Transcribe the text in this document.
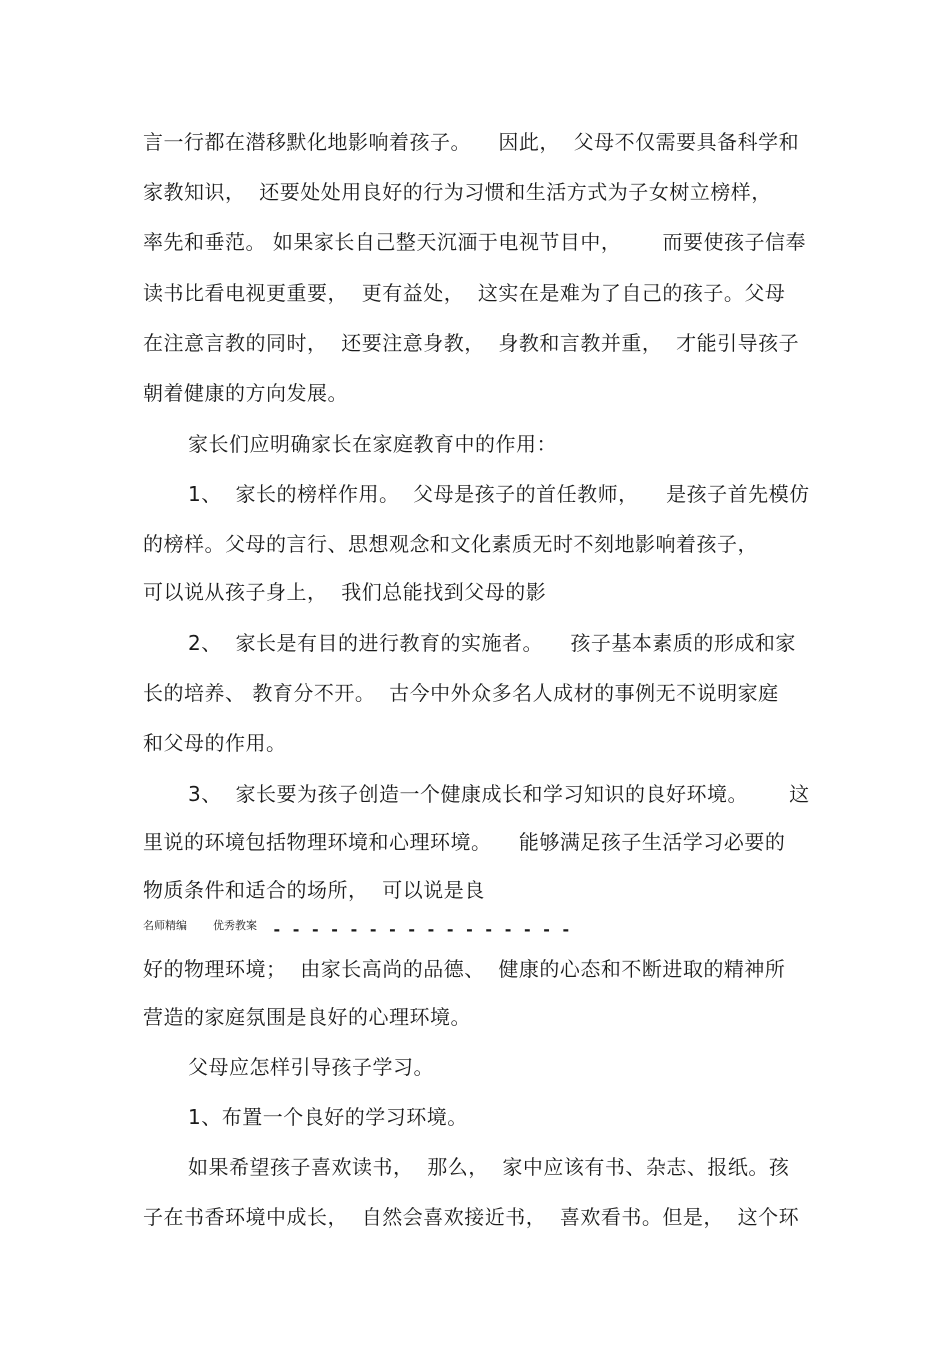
言一行都在潜移默化地影响着孩子。    因此，  父母不仅需要具备科学和
家教知识，  还要处处用良好的行为习惯和生活方式为子女树立榜样，
率先和垂范。 如果家长自己整天沉湎于电视节目中，      而要使孩子信奉
读书比看电视更重要，  更有益处，  这实在是难为了自己的孩子。父母
在注意言教的同时，  还要注意身教，  身教和言教并重，  才能引导孩子
朝着健康的方向发展。
家长们应明确家长在家庭教育中的作用：
1、  家长的榜样作用。  父母是孩子的首任教师，    是孩子首先模仿
的榜样。父母的言行、思想观念和文化素质无时不刻地影响着孩子，
可以说从孩子身上，  我们总能找到父母的影
2、  家长是有目的进行教育的实施者。    孩子基本素质的形成和家
长的培养、 教育分不开。  古今中外众多名人成材的事例无不说明家庭
和父母的作用。
3、  家长要为孩子创造一个健康成长和学习知识的良好环境。      这
里说的环境包括物理环境和心理环境。    能够满足孩子生活学习必要的
物质条件和适合的场所，  可以说是良
名师精编 优秀教案 - - - - - - - - - - - - - - - -
好的物理环境；  由家长高尚的品德、  健康的心态和不断进取的精神所
营造的家庭氛围是良好的心理环境。
父母应怎样引导孩子学习。
1、布置一个良好的学习环境。
如果希望孩子喜欢读书，  那么，  家中应该有书、杂志、报纸。孩
子在书香环境中成长，  自然会喜欢接近书，  喜欢看书。但是，  这个环
